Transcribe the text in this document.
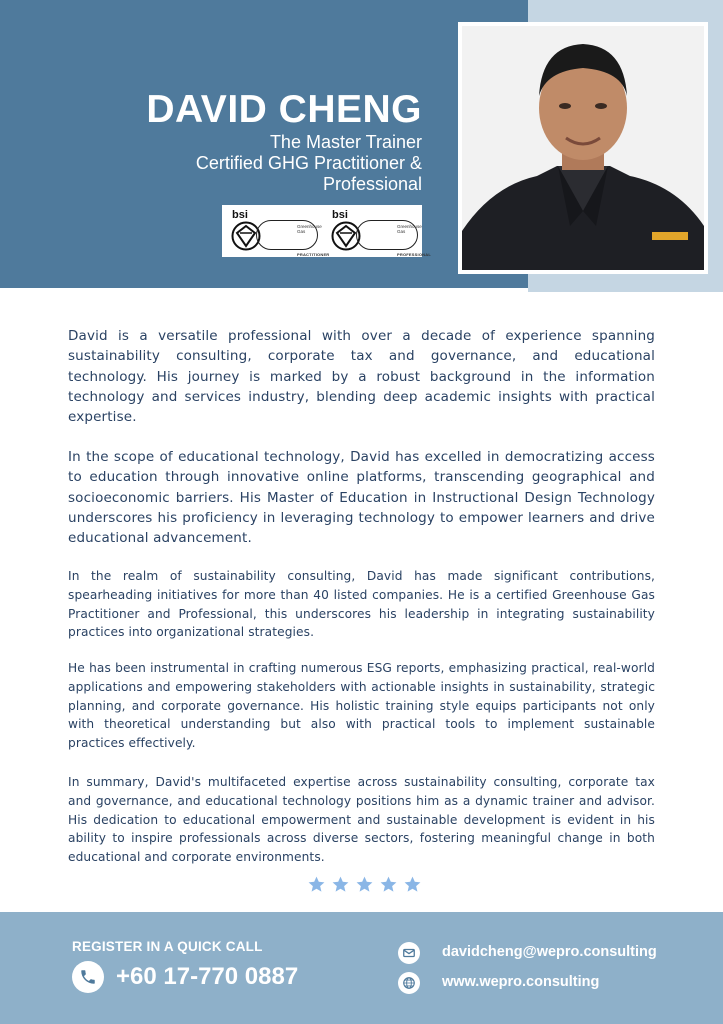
DAVID CHENG
The Master Trainer
Certified GHG Practitioner &
Professional
bsi
Greenhouse Gas
PRACTITIONER
bsi
Greenhouse Gas
PROFESSIONAL

David is a versatile professional with over a decade of experience spanning sustainability consulting, corporate tax and governance, and educational technology. His journey is marked by a robust background in the information technology and services industry, blending deep academic insights with practical expertise.

In the scope of educational technology, David has excelled in democratizing access to education through innovative online platforms, transcending geographical and socioeconomic barriers. His Master of Education in Instructional Design Technology underscores his proficiency in leveraging technology to empower learners and drive educational advancement.

In the realm of sustainability consulting, David has made significant contributions, spearheading initiatives for more than 40 listed companies. He is a certified Greenhouse Gas Practitioner and Professional, this underscores his leadership in integrating sustainability practices into organizational strategies.

He has been instrumental in crafting numerous ESG reports, emphasizing practical, real-world applications and empowering stakeholders with actionable insights in sustainability, strategic planning, and corporate governance. His holistic training style equips participants not only with theoretical understanding but also with practical tools to implement sustainable practices effectively.

In summary, David's multifaceted expertise across sustainability consulting, corporate tax and governance, and educational technology positions him as a dynamic trainer and advisor. His dedication to educational empowerment and sustainable development is evident in his ability to inspire professionals across diverse sectors, fostering meaningful change in both educational and corporate environments.

REGISTER IN A QUICK CALL
+60 17-770 0887
davidcheng@wepro.consulting
www.wepro.consulting
